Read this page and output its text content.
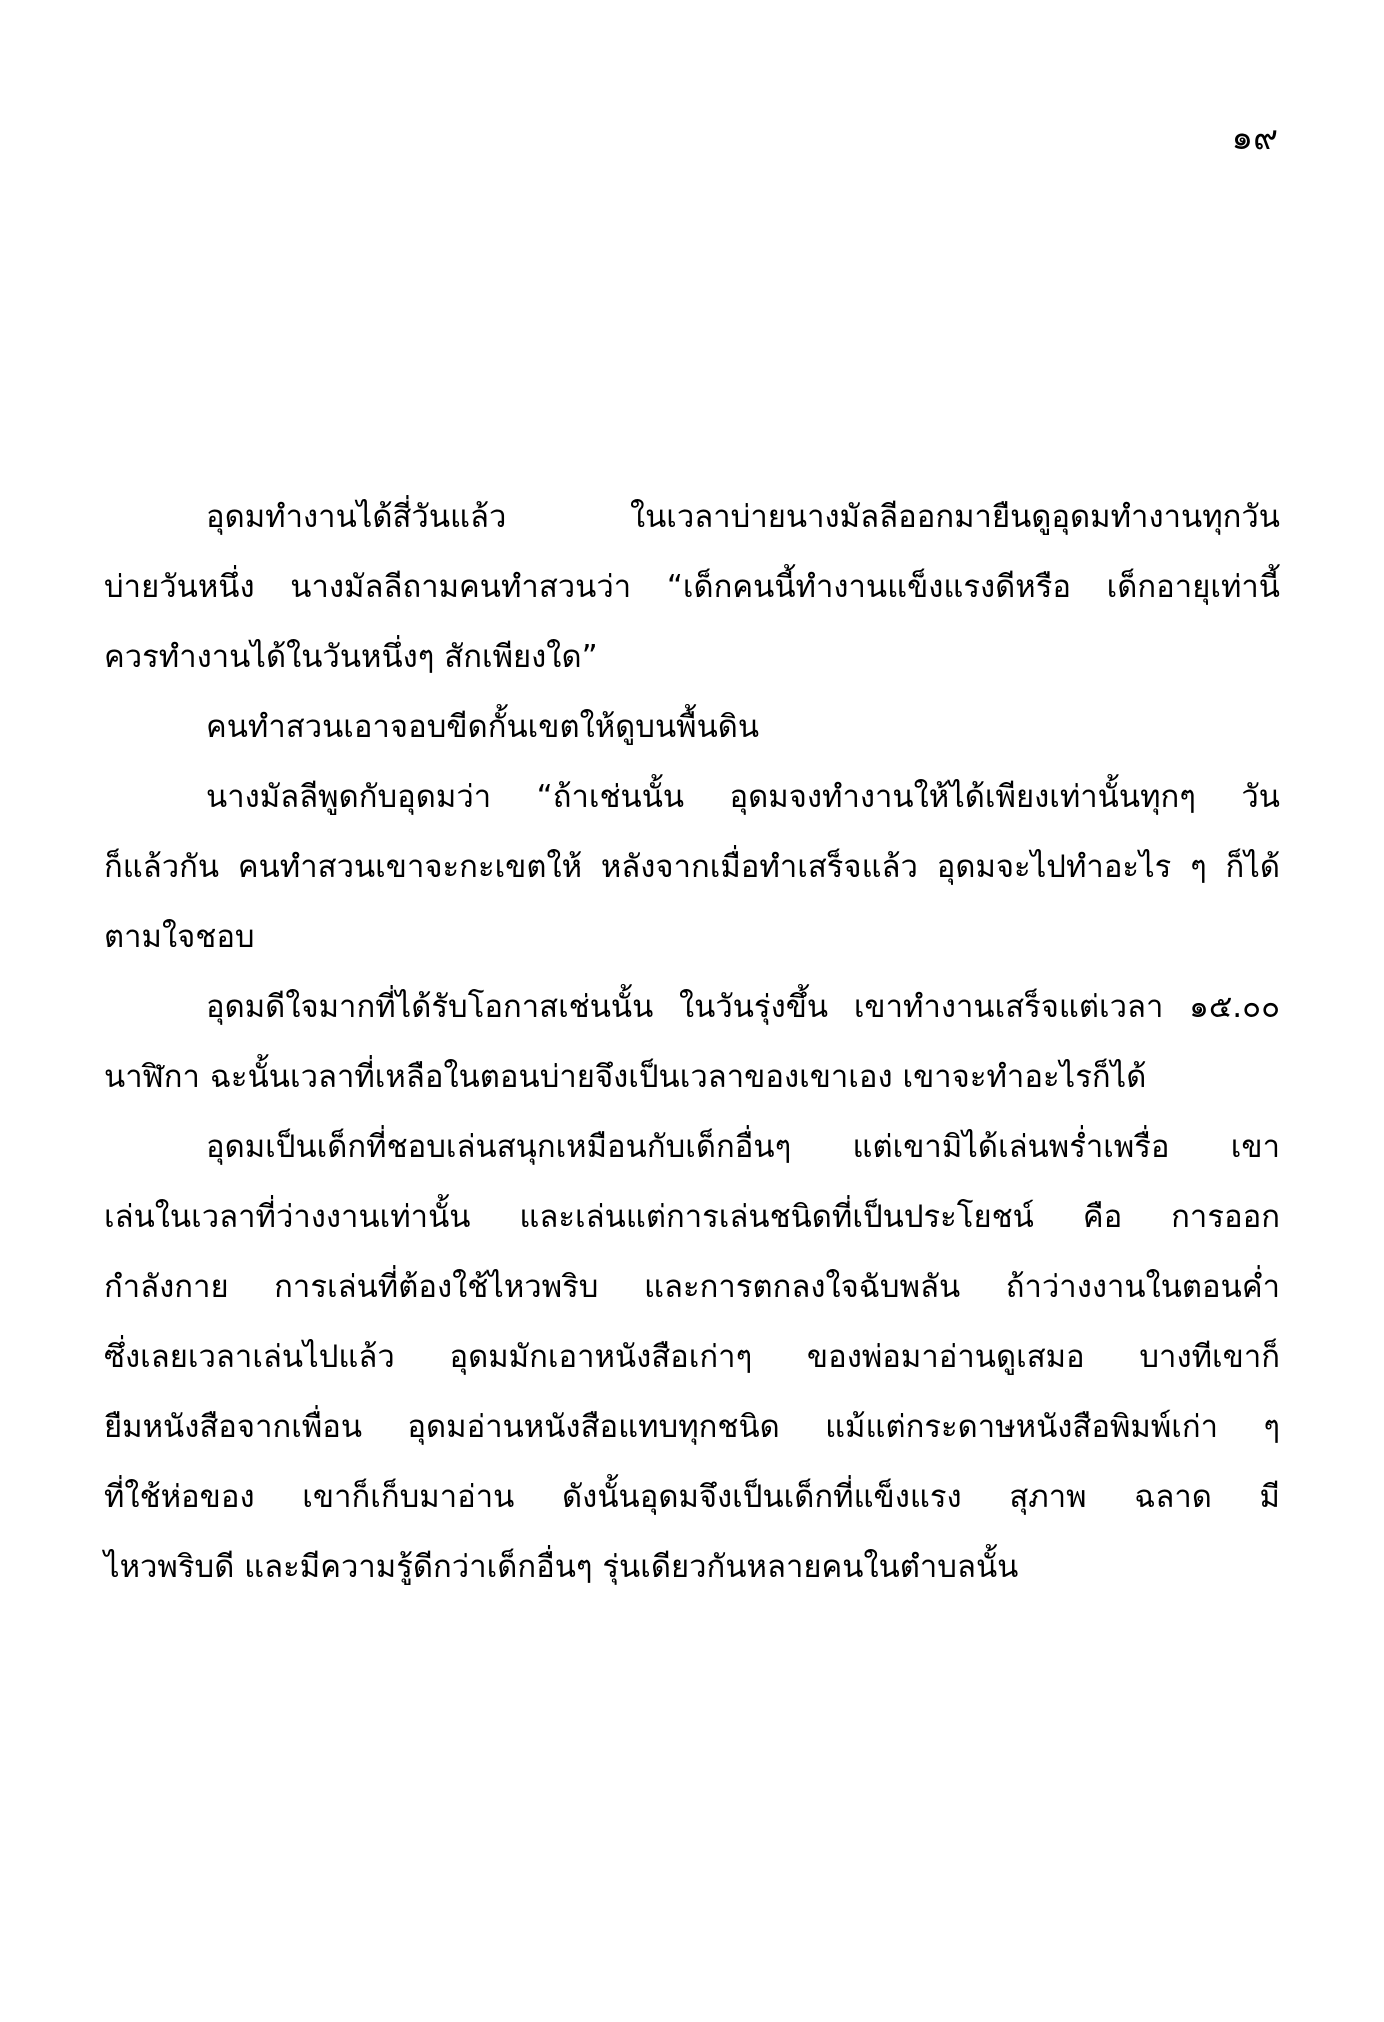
๑๙
อุดมทำงานได้สี่วันแล้ว ในเวลาบ่ายนางมัลลีออกมายืนดูอุดมทำงานทุกวัน
บ่ายวันหนึ่ง นางมัลลีถามคนทำสวนว่า “เด็กคนนี้ทำงานแข็งแรงดีหรือ เด็กอายุเท่านี้
ควรทำงานได้ในวันหนึ่งๆ สักเพียงใด”
คนทำสวนเอาจอบขีดกั้นเขตให้ดูบนพื้นดิน
นางมัลลีพูดกับอุดมว่า “ถ้าเช่นนั้น อุดมจงทำงานให้ได้เพียงเท่านั้นทุกๆ วัน
ก็แล้วกัน คนทำสวนเขาจะกะเขตให้ หลังจากเมื่อทำเสร็จแล้ว อุดมจะไปทำอะไร ๆ ก็ได้
ตามใจชอบ
อุดมดีใจมากที่ได้รับโอกาสเช่นนั้น ในวันรุ่งขึ้น เขาทำงานเสร็จแต่เวลา ๑๕.๐๐
นาฬิกา ฉะนั้นเวลาที่เหลือในตอนบ่ายจึงเป็นเวลาของเขาเอง เขาจะทำอะไรก็ได้
อุดมเป็นเด็กที่ชอบเล่นสนุกเหมือนกับเด็กอื่นๆ แต่เขามิได้เล่นพร่ำเพรื่อ เขา
เล่นในเวลาที่ว่างงานเท่านั้น และเล่นแต่การเล่นชนิดที่เป็นประโยชน์ คือ การออก
กำลังกาย การเล่นที่ต้องใช้ไหวพริบ และการตกลงใจฉับพลัน ถ้าว่างงานในตอนค่ำ
ซึ่งเลยเวลาเล่นไปแล้ว อุดมมักเอาหนังสือเก่าๆ ของพ่อมาอ่านดูเสมอ บางทีเขาก็
ยืมหนังสือจากเพื่อน อุดมอ่านหนังสือแทบทุกชนิด แม้แต่กระดาษหนังสือพิมพ์เก่า ๆ
ที่ใช้ห่อของ เขาก็เก็บมาอ่าน ดังนั้นอุดมจึงเป็นเด็กที่แข็งแรง สุภาพ ฉลาด มี
ไหวพริบดี และมีความรู้ดีกว่าเด็กอื่นๆ รุ่นเดียวกันหลายคนในตำบลนั้น
